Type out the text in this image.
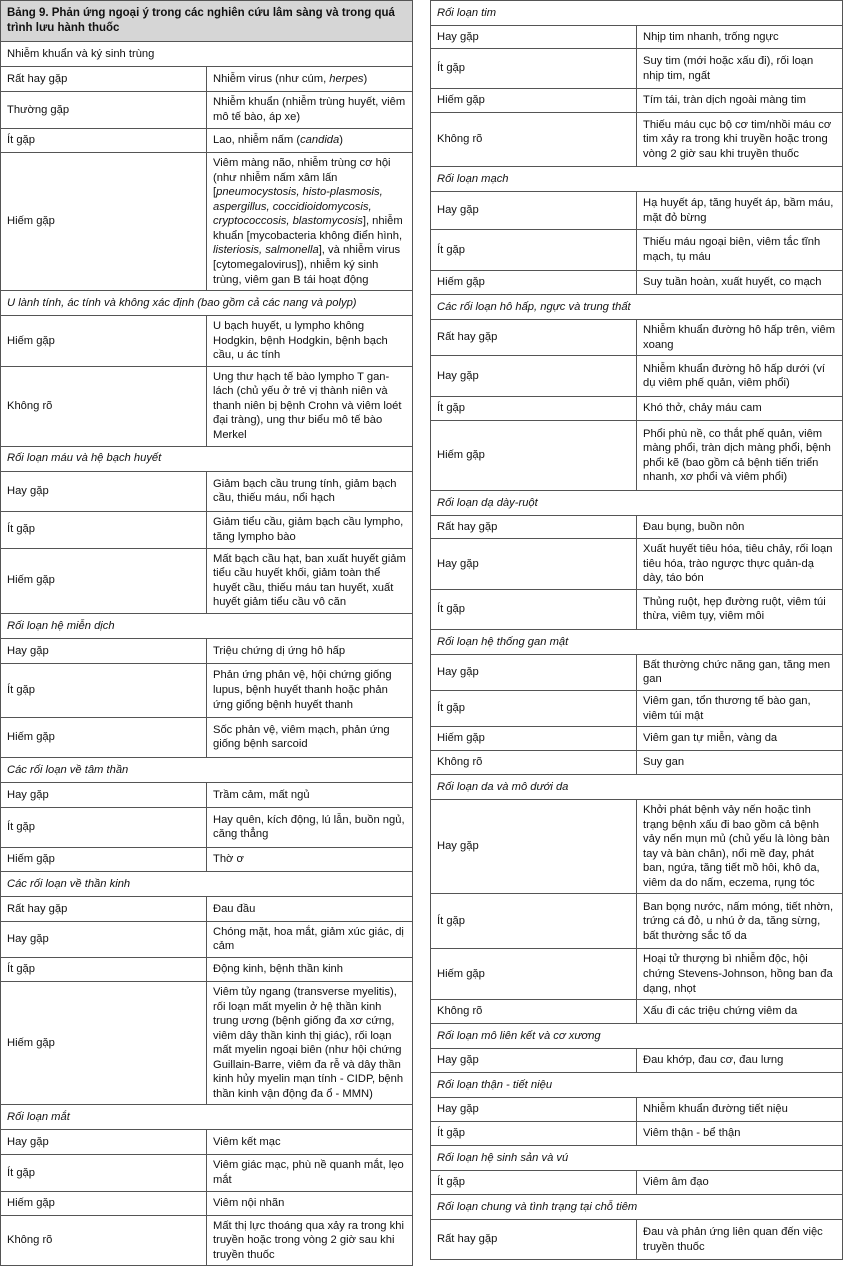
Bảng 9. Phản ứng ngoại ý trong các nghiên cứu lâm sàng và trong quá trình lưu hành thuốc	
Nhiễm khuẩn và ký sinh trùng	
Rất hay gặp	Nhiễm virus (như cúm, herpes)
Thường gặp	Nhiễm khuẩn (nhiễm trùng huyết, viêm mô tế bào, áp xe)
Ít gặp	Lao, nhiễm nấm (candida)
Hiếm gặp	Viêm màng não, nhiễm trùng cơ hội (như nhiễm nấm xâm lấn [pneumocystosis, histo-plasmosis, aspergillus, coccidioidomycosis, cryptococcosis, blastomycosis], nhiễm khuẩn [mycobacteria không điển hình, listeriosis, salmonella], và nhiễm virus [cytomegalovirus]), nhiễm ký sinh trùng, viêm gan B tái hoạt động
U lành tính, ác tính và không xác định (bao gồm cả các nang và polyp)	
Hiếm gặp	U bạch huyết, u lympho không Hodgkin, bệnh Hodgkin, bệnh bạch cầu, u ác tính
Không rõ	Ung thư hạch tế bào lympho T gan-lách (chủ yếu ở trẻ vị thành niên và thanh niên bị bệnh Crohn và viêm loét đại tràng), ung thư biểu mô tế bào Merkel
Rối loạn máu và hệ bạch huyết	
Hay gặp	Giảm bạch cầu trung tính, giảm bạch cầu, thiếu máu, nổi hạch
Ít gặp	Giảm tiểu cầu, giảm bạch cầu lympho, tăng lympho bào
Hiếm gặp	Mất bạch cầu hạt, ban xuất huyết giảm tiểu cầu huyết khối, giảm toàn thể huyết cầu, thiếu máu tan huyết, xuất huyết giảm tiểu cầu vô căn
Rối loạn hệ miễn dịch	
Hay gặp	Triệu chứng dị ứng hô hấp
Ít gặp	Phản ứng phản vệ, hội chứng giống lupus, bệnh huyết thanh hoặc phản ứng giống bệnh huyết thanh
Hiếm gặp	Sốc phản vệ, viêm mạch, phản ứng giống bệnh sarcoid
Các rối loạn về tâm thần	
Hay gặp	Trầm cảm, mất ngủ
Ít gặp	Hay quên, kích động, lú lẫn, buồn ngủ, căng thẳng
Hiếm gặp	Thờ ơ
Các rối loạn về thần kinh	
Rất hay gặp	Đau đầu
Hay gặp	Chóng mặt, hoa mắt, giảm xúc giác, dị cảm
Ít gặp	Động kinh, bệnh thần kinh
Hiếm gặp	Viêm tủy ngang (transverse myelitis), rối loạn mất myelin ở hệ thần kinh trung ương (bệnh giống đa xơ cứng, viêm dây thần kinh thị giác), rối loạn mất myelin ngoại biên (như hội chứng Guillain-Barre, viêm đa rễ và dây thần kinh hủy myelin mạn tính - CIDP, bệnh thần kinh vận động đa ổ - MMN)
Rối loạn mắt	
Hay gặp	Viêm kết mạc
Ít gặp	Viêm giác mạc, phù nề quanh mắt, lẹo mắt
Hiếm gặp	Viêm nội nhãn
Không rõ	Mất thị lực thoáng qua xảy ra trong khi truyền hoặc trong vòng 2 giờ sau khi truyền thuốc
Rối loạn tim	
Hay gặp	Nhịp tim nhanh, trống ngực
Ít gặp	Suy tim (mới hoặc xấu đi), rối loạn nhịp tim, ngất
Hiếm gặp	Tím tái, tràn dịch ngoài màng tim
Không rõ	Thiếu máu cục bộ cơ tim/nhồi máu cơ tim xảy ra trong khi truyền hoặc trong vòng 2 giờ sau khi truyền thuốc
Rối loạn mạch	
Hay gặp	Hạ huyết áp, tăng huyết áp, bầm máu, mặt đỏ bừng
Ít gặp	Thiếu máu ngoại biên, viêm tắc tĩnh mạch, tụ máu
Hiếm gặp	Suy tuần hoàn, xuất huyết, co mạch
Các rối loạn hô hấp, ngực và trung thất	
Rất hay gặp	Nhiễm khuẩn đường hô hấp trên, viêm xoang
Hay gặp	Nhiễm khuẩn đường hô hấp dưới (ví dụ viêm phế quản, viêm phổi)
Ít gặp	Khó thở, chảy máu cam
Hiếm gặp	Phổi phù nề, co thắt phế quản, viêm màng phổi, tràn dịch màng phổi, bệnh phổi kẽ (bao gồm cả bệnh tiến triển nhanh, xơ phổi và viêm phổi)
Rối loạn dạ dày-ruột	
Rất hay gặp	Đau bụng, buồn nôn
Hay gặp	Xuất huyết tiêu hóa, tiêu chảy, rối loạn tiêu hóa, trào ngược thực quản-dạ dày, táo bón
Ít gặp	Thủng ruột, hẹp đường ruột, viêm túi thừa, viêm tụy, viêm môi
Rối loạn hệ thống gan mật	
Hay gặp	Bất thường chức năng gan, tăng men gan
Ít gặp	Viêm gan, tổn thương tế bào gan, viêm túi mật
Hiếm gặp	Viêm gan tự miễn, vàng da
Không rõ	Suy gan
Rối loạn da và mô dưới da	
Hay gặp	Khởi phát bệnh vảy nến hoặc tình trạng bệnh xấu đi bao gồm cả bệnh vảy nến mụn mủ (chủ yếu là lòng bàn tay và bàn chân), nổi mề đay, phát ban, ngứa, tăng tiết mồ hôi, khô da, viêm da do nấm, eczema, rụng tóc
Ít gặp	Ban bọng nước, nấm móng, tiết nhờn, trứng cá đỏ, u nhú ở da, tăng sừng, bất thường sắc tố da
Hiếm gặp	Hoại tử thượng bì nhiễm độc, hội chứng Stevens-Johnson, hồng ban đa dạng, nhọt
Không rõ	Xấu đi các triệu chứng viêm da
Rối loạn mô liên kết và cơ xương	
Hay gặp	Đau khớp, đau cơ, đau lưng
Rối loạn thận - tiết niệu	
Hay gặp	Nhiễm khuẩn đường tiết niệu
Ít gặp	Viêm thận - bể thận
Rối loạn hệ sinh sản và vú	
Ít gặp	Viêm âm đạo
Rối loạn chung và tình trạng tại chỗ tiêm	
Rất hay gặp	Đau và phản ứng liên quan đến việc truyền thuốc
